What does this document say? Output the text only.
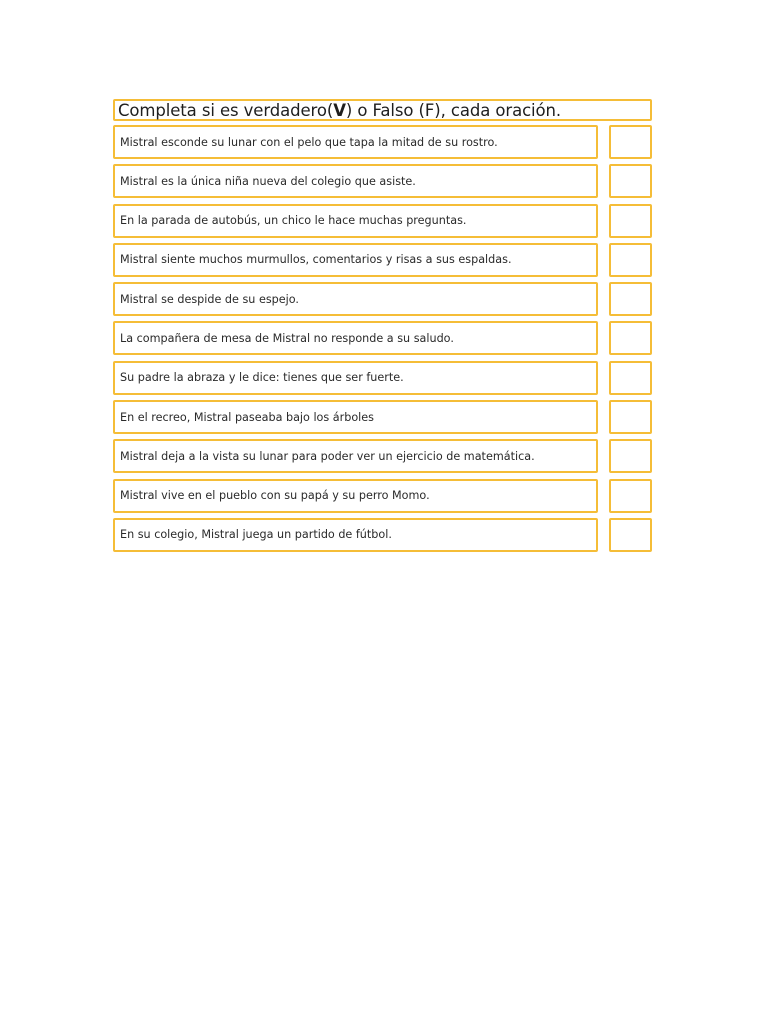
Completa si es verdadero( V ) o Falso (F), cada oración.
Mistral esconde su lunar con el pelo que tapa la mitad de su rostro.
Mistral es la única niña nueva del colegio que asiste.
En la parada de autobús, un chico le hace muchas preguntas.
Mistral siente muchos murmullos, comentarios y risas a sus espaldas.
Mistral se despide de su espejo.
La compañera de mesa de Mistral no responde a su saludo.
Su padre la abraza y le dice: tienes que ser fuerte.
En el recreo, Mistral paseaba bajo los árboles
Mistral deja a la vista su lunar para poder ver un ejercicio de matemática.
Mistral vive en el pueblo con su papá y su perro Momo.
En su colegio, Mistral juega un partido de fútbol.
